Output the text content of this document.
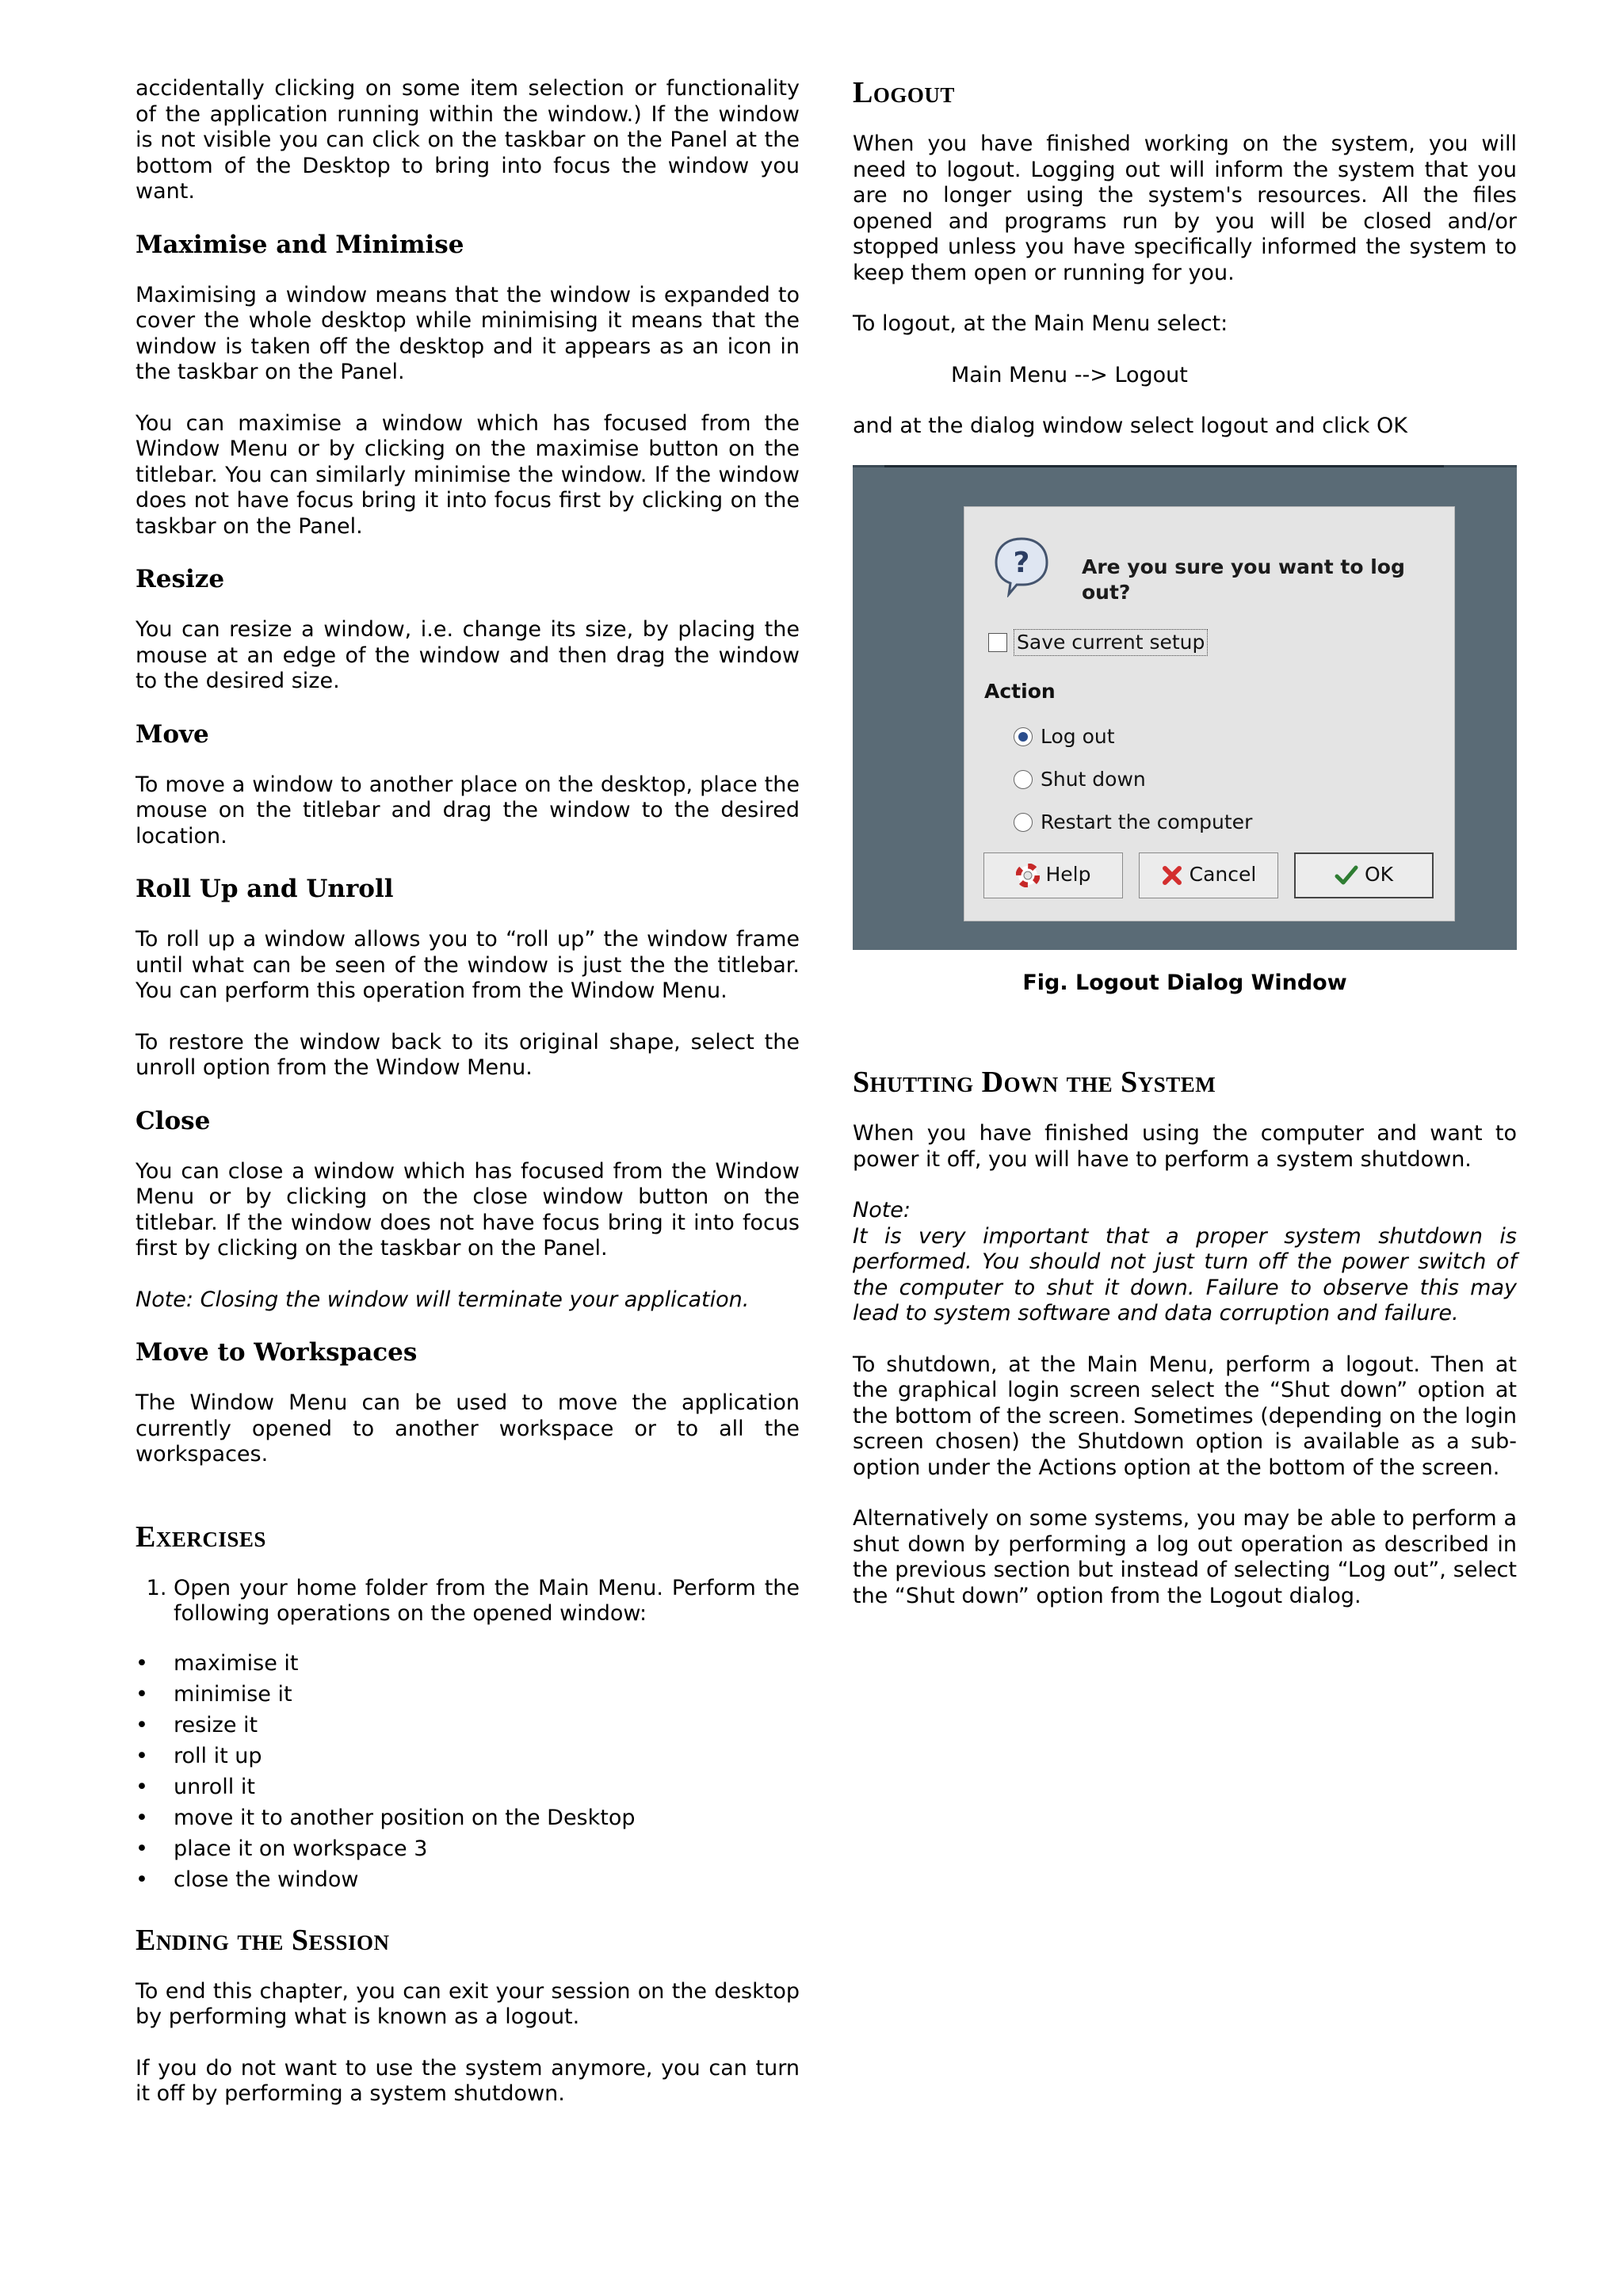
accidentally clicking on some item selection or functionality of the application running within the window.) If the window is not visible you can click on the taskbar on the Panel at the bottom of the Desktop to bring into focus the window you want.

Maximise and Minimise

Maximising a window means that the window is expanded to cover the whole desktop while minimising it means that the window is taken off the desktop and it appears as an icon in the taskbar on the Panel.

You can maximise a window which has focused from the Window Menu or by clicking on the maximise button on the titlebar. You can similarly minimise the window. If the window does not have focus bring it into focus first by clicking on the taskbar on the Panel.

Resize

You can resize a window, i.e. change its size, by placing the mouse at an edge of the window and then drag the window to the desired size.

Move

To move a window to another place on the desktop, place the mouse on the titlebar and drag the window to the desired location.

Roll Up and Unroll

To roll up a window allows you to “roll up” the window frame until what can be seen of the window is just the the titlebar. You can perform this operation from the Window Menu.

To restore the window back to its original shape, select the unroll option from the Window Menu.

Close

You can close a window which has focused from the Window Menu or by clicking on the close window button on the titlebar. If the window does not have focus bring it into focus first by clicking on the taskbar on the Panel.

Note: Closing the window will terminate your application.

Move to Workspaces

The Window Menu can be used to move the application currently opened to another workspace or to all the workspaces.

Exercises
1. Open your home folder from the Main Menu. Perform the following operations on the opened window:
• maximise it
• minimise it
• resize it
• roll it up
• unroll it
• move it to another position on the Desktop
• place it on workspace 3
• close the window
Ending the Session

To end this chapter, you can exit your session on the desktop by performing what is known as a logout.

If you do not want to use the system anymore, you can turn it off by performing a system shutdown.

Logout

When you have finished working on the system, you will need to logout. Logging out will inform the system that you are no longer using the system's resources. All the files opened and programs run by you will be closed and/or stopped unless you have specifically informed the system to keep them open or running for you.

To logout, at the Main Menu select:

Main Menu --> Logout

and at the dialog window select logout and click OK

?	Are you sure you want to log out?
Save current setup
Action
Log out
Shut down
Restart the computer
Help	Cancel	OK

Fig. Logout Dialog Window

Shutting Down the System

When you have finished using the computer and want to power it off, you will have to perform a system shutdown.

Note:

It is very important that a proper system shutdown is performed. You should not just turn off the power switch of the computer to shut it down. Failure to observe this may lead to system software and data corruption and failure.

To shutdown, at the Main Menu, perform a logout. Then at the graphical login screen select the “Shut down” option at the bottom of the screen. Sometimes (depending on the login screen chosen) the Shutdown option is available as a sub-option under the Actions option at the bottom of the screen.

Alternatively on some systems, you may be able to perform a shut down by performing a log out operation as described in the previous section but instead of selecting “Log out”, select the “Shut down” option from the Logout dialog.
